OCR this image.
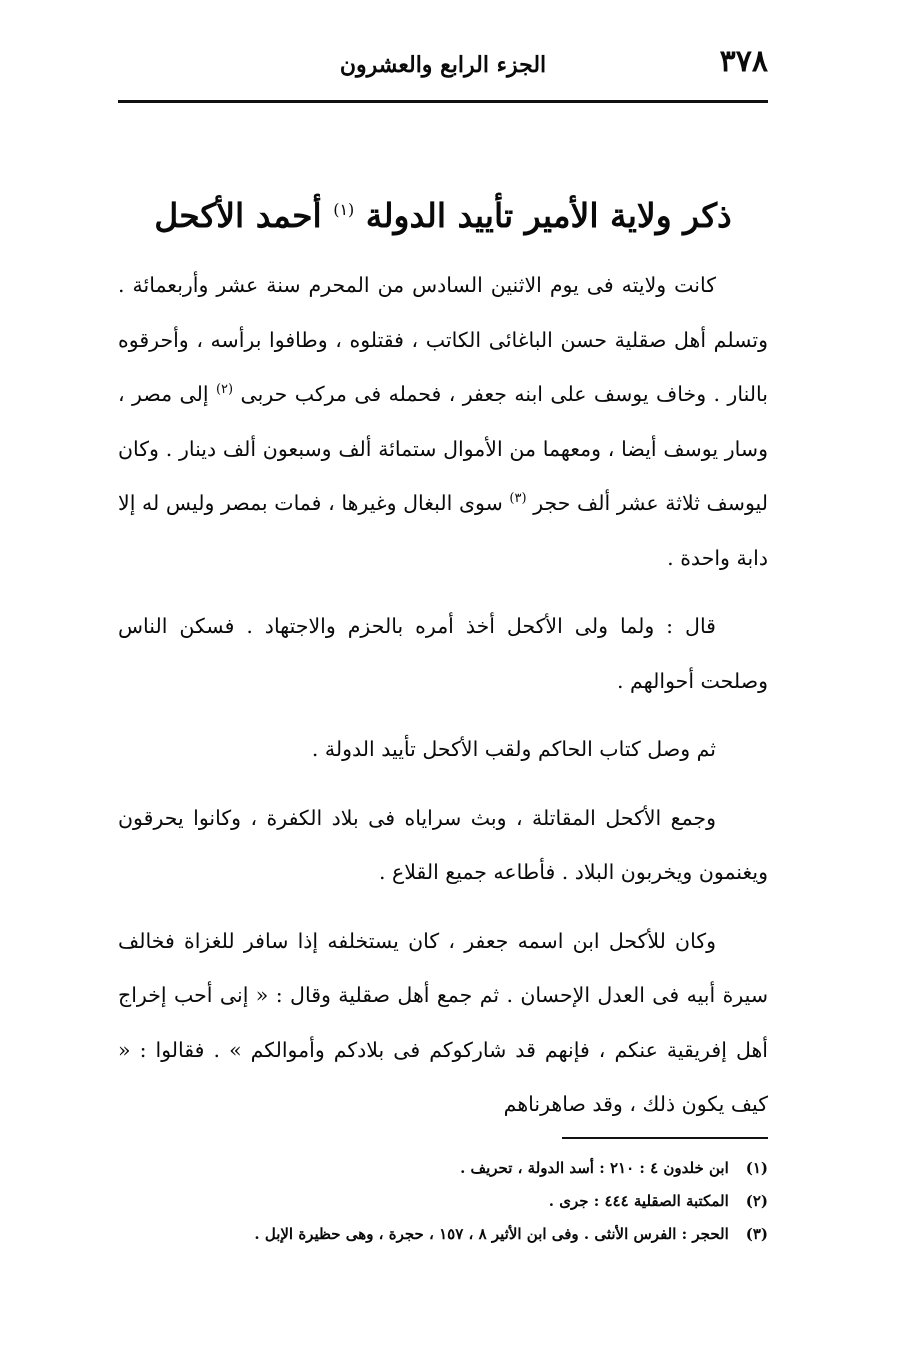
٣٧٨
الجزء الرابع والعشرون
ذكر ولاية الأمير تأييد الدولة $^{(١)}$ أحمد الأكحل

كانت ولايته فى يوم الاثنين السادس من المحرم سنة عشر وأربعمائة . وتسلم أهل صقلية حسن الباغائى الكاتب ، فقتلوه ، وطافوا برأسه ، وأحرقوه بالنار . وخاف يوسف على ابنه جعفر ، فحمله فى مركب حربى $^{(٢)}$ إلى مصر ، وسار يوسف أيضا ، ومعهما من الأموال ستمائة ألف وسبعون ألف دينار . وكان ليوسف ثلاثة عشر ألف حجر $^{(٣)}$ سوى البغال وغيرها ، فمات بمصر وليس له إلا دابة واحدة .

قال : ولما ولى الأكحل أخذ أمره بالحزم والاجتهاد . فسكن الناس وصلحت أحوالهم .

ثم وصل كتاب الحاكم ولقب الأكحل تأييد الدولة .

وجمع الأكحل المقاتلة ، وبث سراياه فى بلاد الكفرة ، وكانوا يحرقون ويغنمون ويخربون البلاد . فأطاعه جميع القلاع .

وكان للأكحل ابن اسمه جعفر ، كان يستخلفه إذا سافر للغزاة فخالف سيرة أبيه فى العدل الإحسان . ثم جمع أهل صقلية وقال : « إنى أحب إخراج أهل إفريقية عنكم ، فإنهم قد شاركوكم فى بلادكم وأموالكم » . فقالوا : « كيف يكون ذلك ، وقد صاهرناهم

(١) ابن خلدون ٤ : ٢١٠ : أسد الدولة ، تحريف .
(٢) المكتبة الصقلية ٤٤٤ : جرى .
(٣) الحجر : الفرس الأنثى . وفى ابن الأثير ٨ ، ١٥٧ ، حجرة ، وهى حظيرة الإبل .
